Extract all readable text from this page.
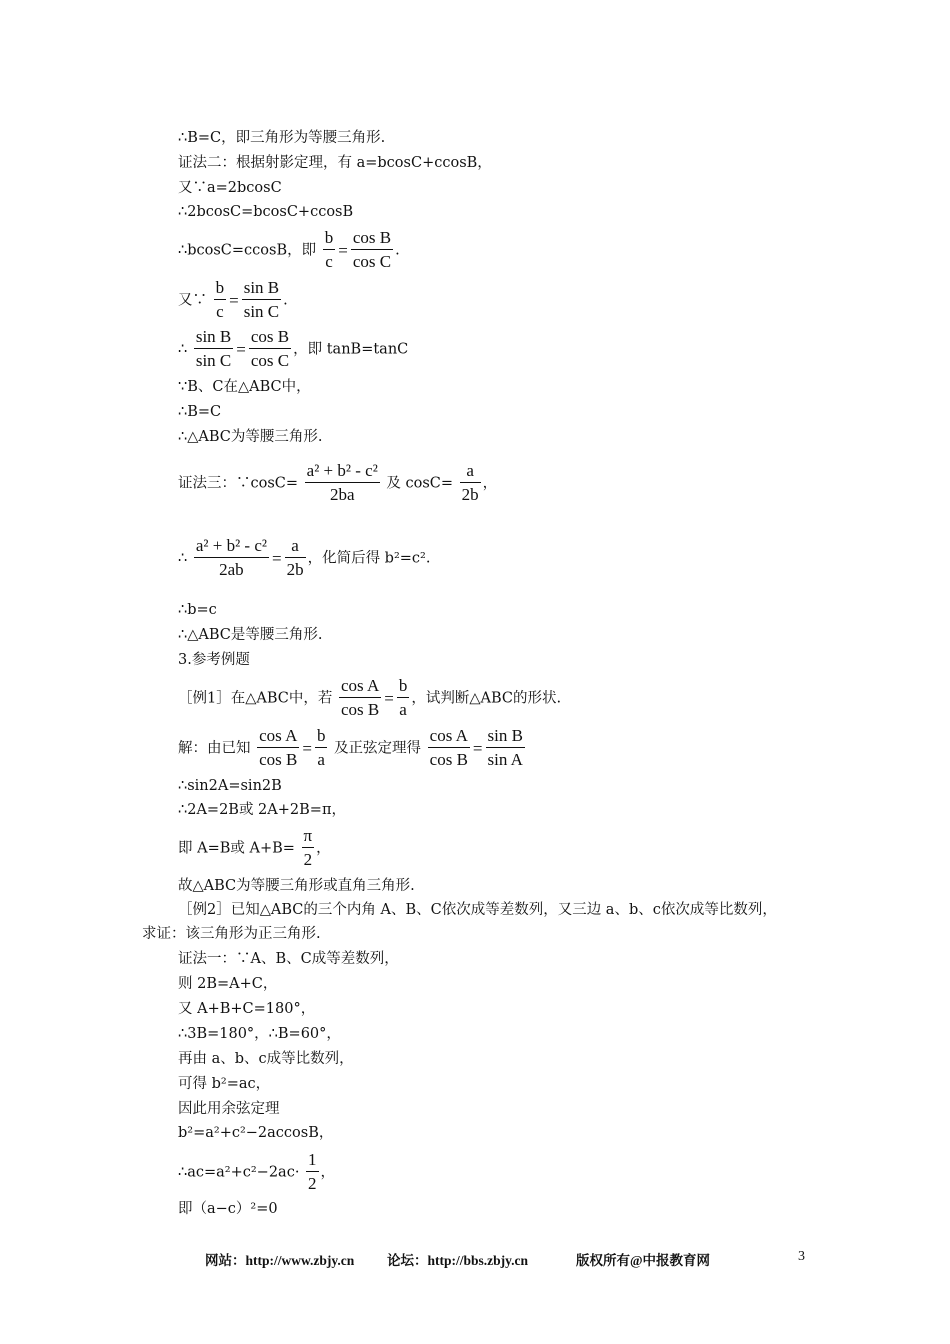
∴B=C，即三角形为等腰三角形.
证法二：根据射影定理，有 a=bcosC+ccosB，
又∵a=2bcosC
∴2bcosC=bcosC+ccosB
∴bcosC=ccosB，即 $\frac{b}{c} = \frac{\text{cos B}}{\text{cos C}}$ .
又∵ $\frac{b}{c} = \frac{\text{sin B}}{\text{sin C}}$ .
∴ $\frac{\text{sin B}}{\text{sin C}} = \frac{\text{cos B}}{\text{cos C}}$ ，即 tanB=tanC
∵B、C在△ABC中，
∴B=C
∴△ABC为等腰三角形.
证法三：∵cosC= $\frac{\text{a² + b² - c²}}{2ba}$ 及 $\cos C= \frac{a}{2b}$ ，
∴ $\frac{\text{a² + b² - c²}}{2ab} = \frac{a}{2b}$ ，化简后得 b²=c².
∴b=c
∴△ABC是等腰三角形.
3.参考例题
［例1］在△ABC中，若 $\frac{\text{cos A}}{\text{cos B}} = \frac{b}{a}$ ，试判断△ABC的形状.
解：由已知 $\frac{\text{cos A}}{\text{cos B}} = \frac{b}{a}$ 及正弦定理得 $\frac{\text{cos A}}{\text{cos B}} = \frac{\text{sin B}}{\text{sin A}}$
∴sin2A=sin2B
∴2A=2B或 2A+2B=π，
即 A=B或 $A+B= \frac{\pi}{2}$ ，
故△ABC为等腰三角形或直角三角形.
［例2］已知△ABC的三个内角 A、B、C依次成等差数列，又三边 a、b、c依次成等比数列，
求证：该三角形为正三角形.
证法一：∵A、B、C成等差数列，
则 2B=A+C，
又 A+B+C=180°，
∴3B=180°，∴B=60°，
再由 a、b、c成等比数列，
可得 b²=ac，
因此用余弦定理
b²=a²+c²−2accosB，
∴ac=a²+c²−2ac· $\frac{1}{2}$ ，
即（a−c）²=0
网站：http://www.zbjy.cn 论坛：http://bbs.zbjy.cn	版权所有@中报教育网	3
